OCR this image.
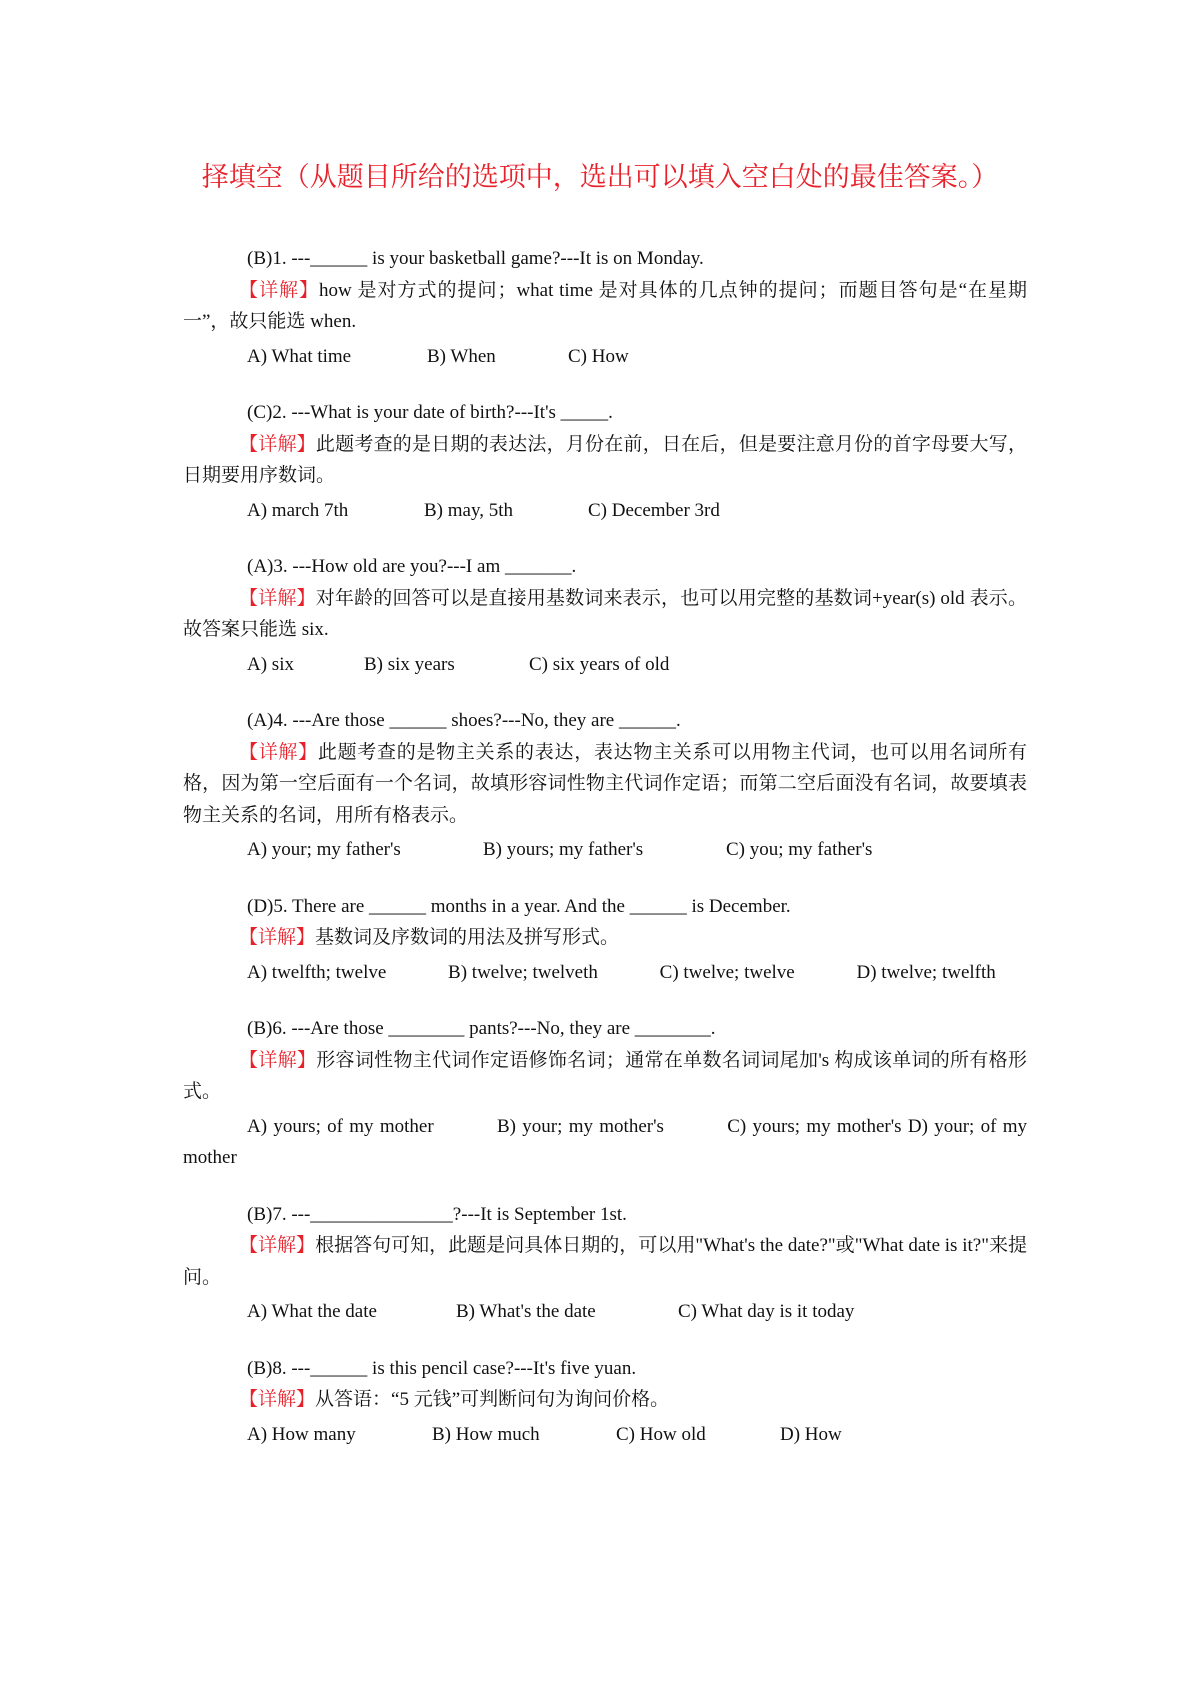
择填空（从题目所给的选项中，选出可以填入空白处的最佳答案。）
(B)1. ---______ is your basketball game?---It is on Monday.
【详解】how 是对方式的提问；what time 是对具体的几点钟的提问；而题目答句是“在星期一”，故只能选 when.
A) What time	B) When	C) How
(C)2. ---What is your date of birth?---It's _____.
【详解】此题考查的是日期的表达法，月份在前，日在后，但是要注意月份的首字母要大写，日期要用序数词。
A) march 7th	B) may, 5th	C) December 3rd
(A)3. ---How old are you?---I am _______.
【详解】对年龄的回答可以是直接用基数词来表示，也可以用完整的基数词+year(s) old 表示。故答案只能选 six.
A) six	B) six years	C) six years of old
(A)4. ---Are those ______ shoes?---No, they are ______.
【详解】此题考查的是物主关系的表达，表达物主关系可以用物主代词，也可以用名词所有格，因为第一空后面有一个名词，故填形容词性物主代词作定语；而第二空后面没有名词，故要填表物主关系的名词，用所有格表示。
A) your; my father's	B) yours; my father's	C) you; my father's
(D)5. There are ______ months in a year. And the ______ is December.
【详解】基数词及序数词的用法及拼写形式。
A) twelfth; twelve   	B) twelve; twelveth   	C) twelve; twelve   	D) twelve; twelfth
(B)6. ---Are those ________ pants?---No, they are ________.
【详解】形容词性物主代词作定语修饰名词；通常在单数名词词尾加's 构成该单词的所有格形式。
A) yours; of my mother   	B) your; my mother's   	C) yours; my mother's D) your; of my mother
(B)7. ---_______________?---It is September 1st.
【详解】根据答句可知，此题是问具体日期的，可以用"What's the date?"或"What date is it?"来提问。
A) What the date	B) What's the date	C) What day is it today
(B)8. ---______ is this pencil case?---It's five yuan.
【详解】从答语：“5 元钱”可判断问句为询问价格。
A) How many	B) How much	C) How old	D) How
